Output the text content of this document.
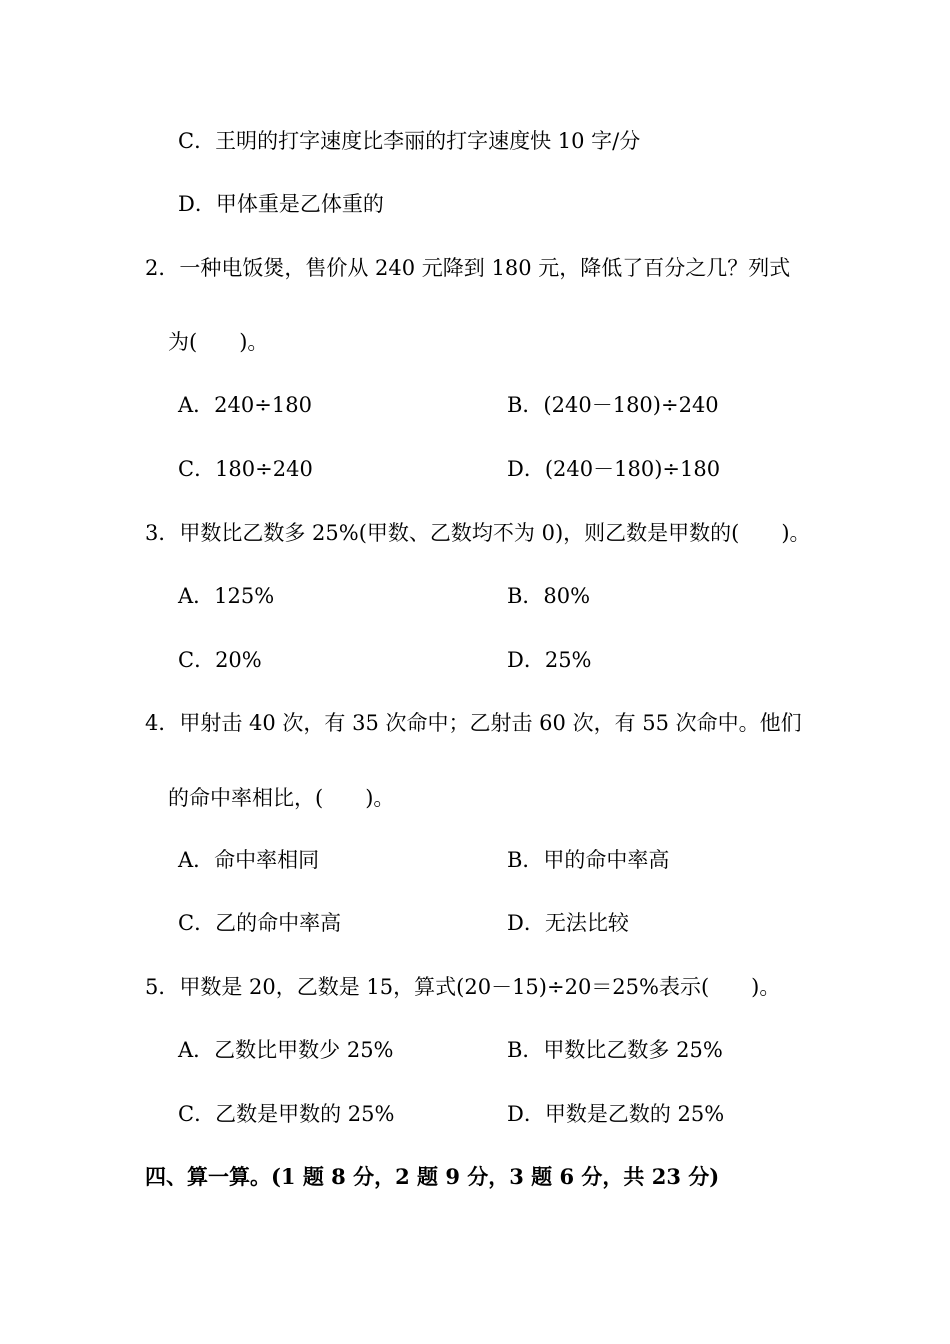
C．王明的打字速度比李丽的打字速度快 10 字/分
D．甲体重是乙体重的
2．一种电饭煲，售价从 240 元降到 180 元，降低了百分之几？列式
为(　　)。
A．240÷180	B．(240－180)÷240
C．180÷240	D．(240－180)÷180
3．甲数比乙数多 25%(甲数、乙数均不为 0)，则乙数是甲数的(　　)。
A．125%	B．80%
C．20%	D．25%
4．甲射击 40 次，有 35 次命中；乙射击 60 次，有 55 次命中。他们
的命中率相比，(　　)。
A．命中率相同	B．甲的命中率高
C．乙的命中率高	D．无法比较
5．甲数是 20，乙数是 15，算式(20－15)÷20＝25%表示(　　)。
A．乙数比甲数少 25%	B．甲数比乙数多 25%
C．乙数是甲数的 25%	D．甲数是乙数的 25%
四、算一算。(1 题 8 分，2 题 9 分，3 题 6 分，共 23 分)
